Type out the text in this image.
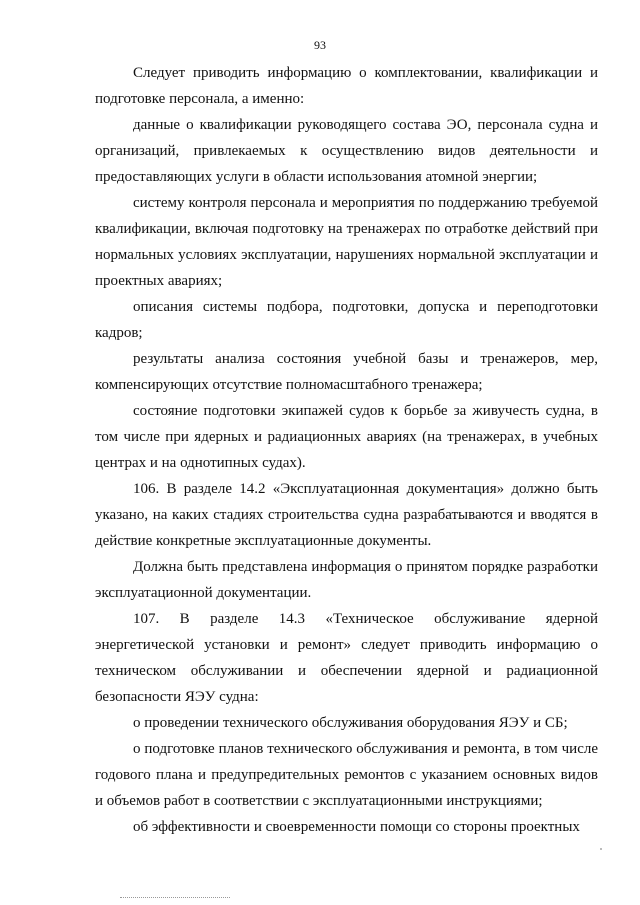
93

Следует приводить информацию о комплектовании, квалификации и подготовке персонала, а именно:

данные о квалификации руководящего состава ЭО, персонала судна и организаций, привлекаемых к осуществлению видов деятельности и предоставляющих услуги в области использования атомной энергии;

систему контроля персонала и мероприятия по поддержанию требуемой квалификации, включая подготовку на тренажерах по отработке действий при нормальных условиях эксплуатации, нарушениях нормальной эксплуатации и проектных авариях;

описания системы подбора, подготовки, допуска и переподготовки кадров;

результаты анализа состояния учебной базы и тренажеров, мер, компенсирующих отсутствие полномасштабного тренажера;

состояние подготовки экипажей судов к борьбе за живучесть судна, в том числе при ядерных и радиационных авариях (на тренажерах, в учебных центрах и на однотипных судах).

106. В разделе 14.2 «Эксплуатационная документация» должно быть указано, на каких стадиях строительства судна разрабатываются и вводятся в действие конкретные эксплуатационные документы.

Должна быть представлена информация о принятом порядке разработки эксплуатационной документации.

107. В разделе 14.3 «Техническое обслуживание ядерной энергетической установки и ремонт» следует приводить информацию о техническом обслуживании и обеспечении ядерной и радиационной безопасности ЯЭУ судна:

о проведении технического обслуживания оборудования ЯЭУ и СБ;

о подготовке планов технического обслуживания и ремонта, в том числе годового плана и предупредительных ремонтов с указанием основных видов и объемов работ в соответствии с эксплуатационными инструкциями;

об эффективности и своевременности помощи со стороны проектных
